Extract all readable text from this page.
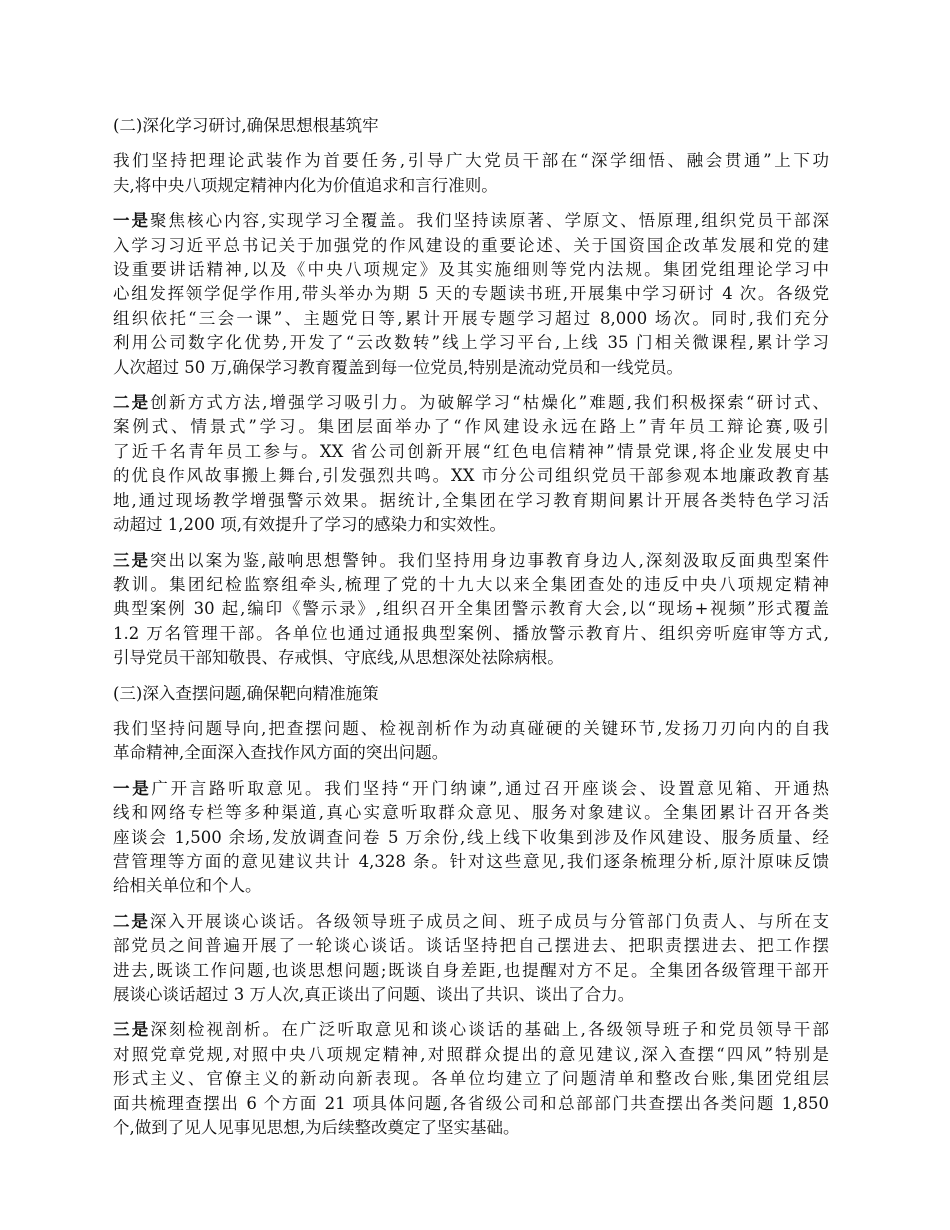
(二)深化学习研讨,确保思想根基筑牢
我们坚持把理论武装作为首要任务,引导广大党员干部在“深学细悟、融会贯通”上下功
夫,将中央八项规定精神内化为价值追求和言行准则。
一是聚焦核心内容,实现学习全覆盖。我们坚持读原著、学原文、悟原理,组织党员干部深
入学习习近平总书记关于加强党的作风建设的重要论述、关于国资国企改革发展和党的建
设重要讲话精神,以及《中央八项规定》及其实施细则等党内法规。集团党组理论学习中
心组发挥领学促学作用,带头举办为期 5 天的专题读书班,开展集中学习研讨 4 次。各级党
组织依托“三会一课”、主题党日等,累计开展专题学习超过 8,000 场次。同时,我们充分
利用公司数字化优势,开发了“云改数转”线上学习平台,上线 35 门相关微课程,累计学习
人次超过 50 万,确保学习教育覆盖到每一位党员,特别是流动党员和一线党员。
二是创新方式方法,增强学习吸引力。为破解学习“枯燥化”难题,我们积极探索“研讨式、
案例式、情景式”学习。集团层面举办了“作风建设永远在路上”青年员工辩论赛,吸引
了近千名青年员工参与。XX 省公司创新开展“红色电信精神”情景党课,将企业发展史中
的优良作风故事搬上舞台,引发强烈共鸣。XX 市分公司组织党员干部参观本地廉政教育基
地,通过现场教学增强警示效果。据统计,全集团在学习教育期间累计开展各类特色学习活
动超过 1,200 项,有效提升了学习的感染力和实效性。
三是突出以案为鉴,敲响思想警钟。我们坚持用身边事教育身边人,深刻汲取反面典型案件
教训。集团纪检监察组牵头,梳理了党的十九大以来全集团查处的违反中央八项规定精神
典型案例 30 起,编印《警示录》,组织召开全集团警示教育大会,以“现场+视频”形式覆盖
1.2 万名管理干部。各单位也通过通报典型案例、播放警示教育片、组织旁听庭审等方式,
引导党员干部知敬畏、存戒惧、守底线,从思想深处祛除病根。
(三)深入查摆问题,确保靶向精准施策
我们坚持问题导向,把查摆问题、检视剖析作为动真碰硬的关键环节,发扬刀刃向内的自我
革命精神,全面深入查找作风方面的突出问题。
一是广开言路听取意见。我们坚持“开门纳谏”,通过召开座谈会、设置意见箱、开通热
线和网络专栏等多种渠道,真心实意听取群众意见、服务对象建议。全集团累计召开各类
座谈会 1,500 余场,发放调查问卷 5 万余份,线上线下收集到涉及作风建设、服务质量、经
营管理等方面的意见建议共计 4,328 条。针对这些意见,我们逐条梳理分析,原汁原味反馈
给相关单位和个人。
二是深入开展谈心谈话。各级领导班子成员之间、班子成员与分管部门负责人、与所在支
部党员之间普遍开展了一轮谈心谈话。谈话坚持把自己摆进去、把职责摆进去、把工作摆
进去,既谈工作问题,也谈思想问题;既谈自身差距,也提醒对方不足。全集团各级管理干部开
展谈心谈话超过 3 万人次,真正谈出了问题、谈出了共识、谈出了合力。
三是深刻检视剖析。在广泛听取意见和谈心谈话的基础上,各级领导班子和党员领导干部
对照党章党规,对照中央八项规定精神,对照群众提出的意见建议,深入查摆“四风”特别是
形式主义、官僚主义的新动向新表现。各单位均建立了问题清单和整改台账,集团党组层
面共梳理查摆出 6 个方面 21 项具体问题,各省级公司和总部部门共查摆出各类问题 1,850
个,做到了见人见事见思想,为后续整改奠定了坚实基础。
